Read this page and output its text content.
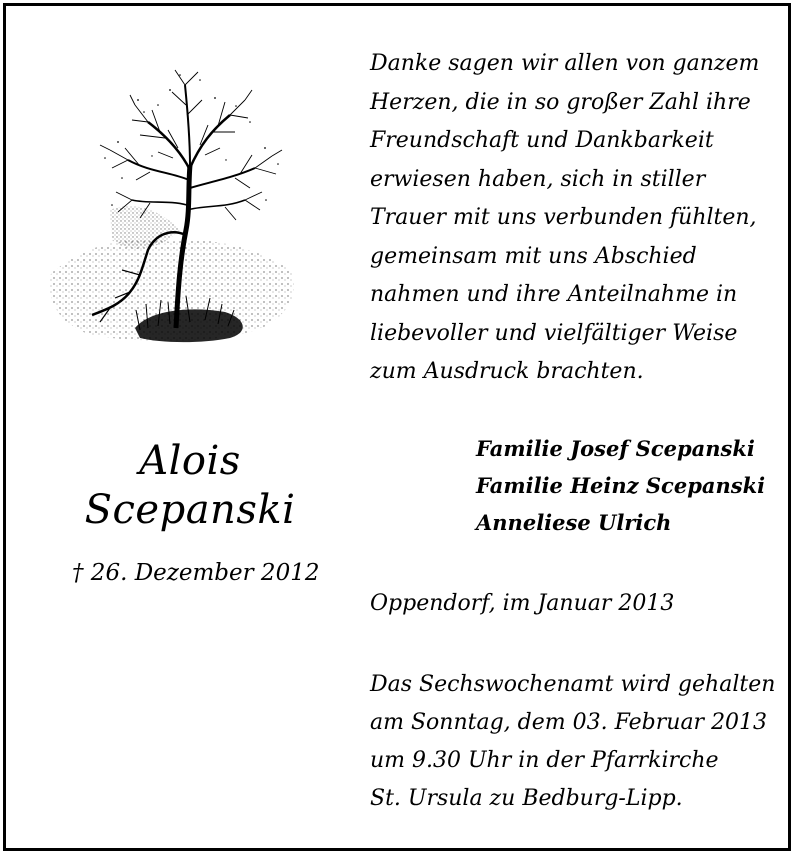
Alois
Scepanski
† 26. Dezember 2012
Danke sagen wir allen von ganzem
Herzen, die in so großer Zahl ihre
Freundschaft und Dankbarkeit
erwiesen haben, sich in stiller
Trauer mit uns verbunden fühlten,
gemeinsam mit uns Abschied
nahmen und ihre Anteilnahme in
liebevoller und vielfältiger Weise
zum Ausdruck brachten.
Familie Josef Scepanski
Familie Heinz Scepanski
Anneliese Ulrich
Oppendorf, im Januar 2013
Das Sechswochenamt wird gehalten
am Sonntag, dem 03. Februar 2013
um 9.30 Uhr in der Pfarrkirche
St. Ursula zu Bedburg-Lipp.
